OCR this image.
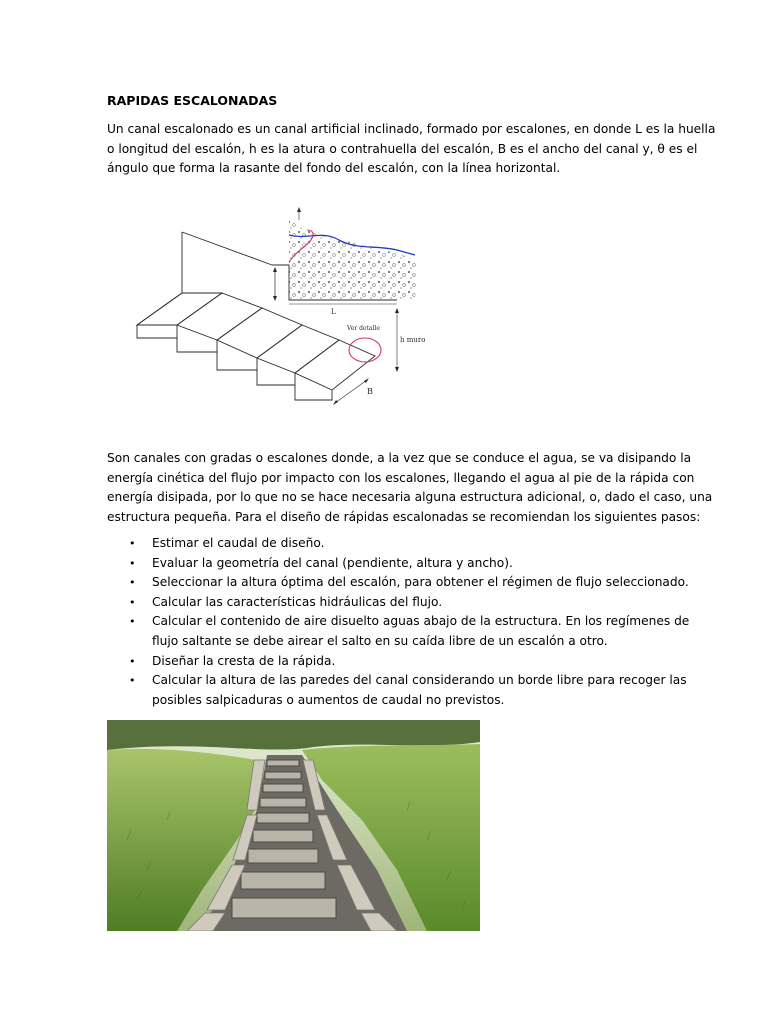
RAPIDAS ESCALONADAS
Un canal escalonado es un canal artificial inclinado, formado por escalones, en donde L es la huella
o longitud del escalón, h es la atura o contrahuella del escalón, B es el ancho del canal y, θ es el
ángulo que forma la rasante del fondo del escalón, con la línea horizontal.
L
h muro
Ver detalle
B
Son canales con gradas o escalones donde, a la vez que se conduce el agua, se va disipando la
energía cinética del flujo por impacto con los escalones, llegando el agua al pie de la rápida con
energía disipada, por lo que no se hace necesaria alguna estructura adicional, o, dado el caso, una
estructura pequeña. Para el diseño de rápidas escalonadas se recomiendan los siguientes pasos:
• Estimar el caudal de diseño.
• Evaluar la geometría del canal (pendiente, altura y ancho).
• Seleccionar la altura óptima del escalón, para obtener el régimen de flujo seleccionado.
• Calcular las características hidráulicas del flujo.
• Calcular el contenido de aire disuelto aguas abajo de la estructura. En los regímenes de
flujo saltante se debe airear el salto en su caída libre de un escalón a otro.
• Diseñar la cresta de la rápida.
• Calcular la altura de las paredes del canal considerando un borde libre para recoger las
posibles salpicaduras o aumentos de caudal no previstos.
